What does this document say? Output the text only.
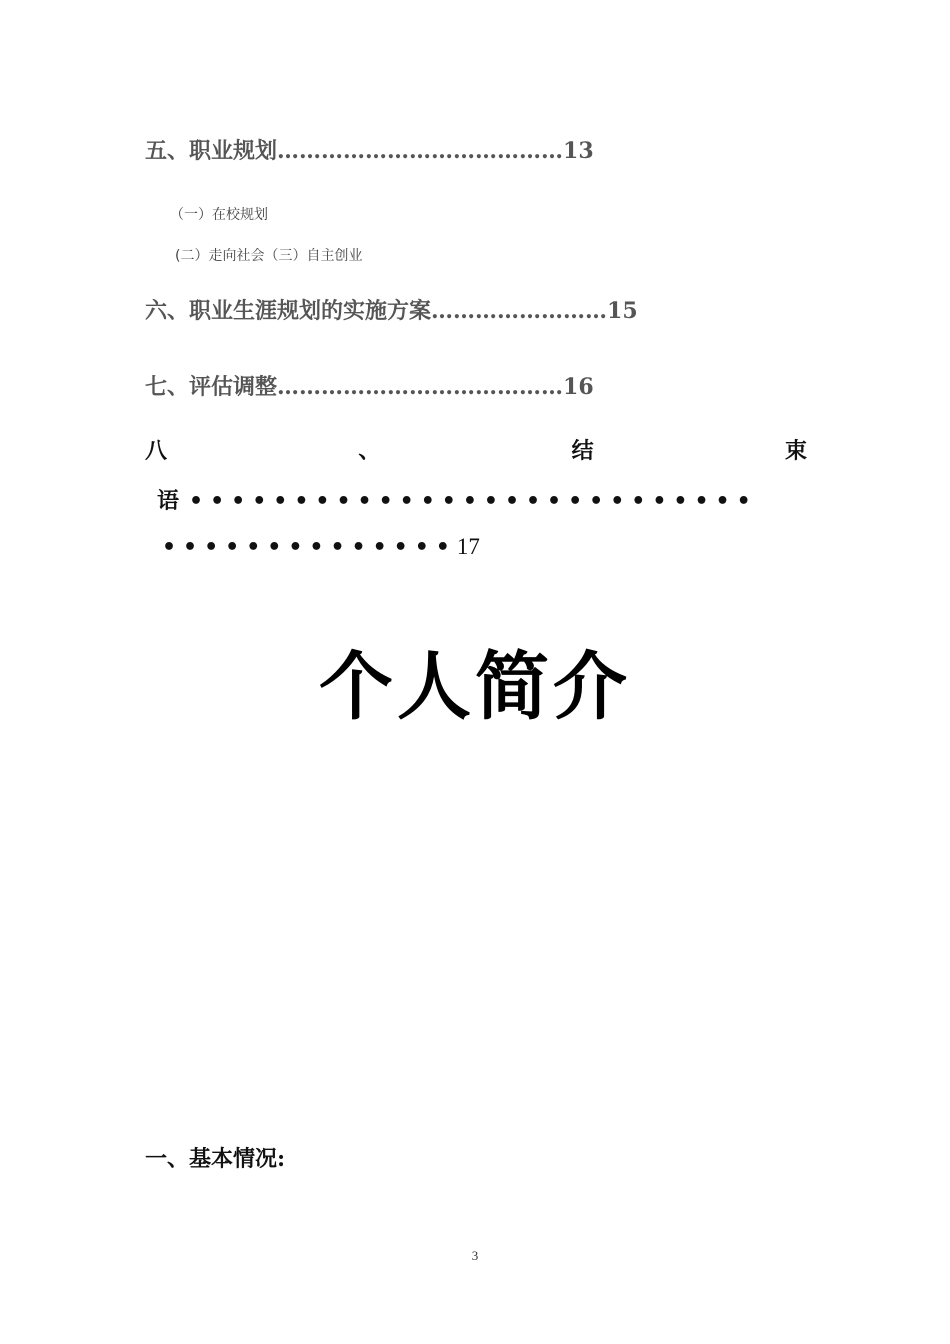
五、职业规划…………………………………13
（一）在校规划
(二）走向社会（三）自主创业
六、职业生涯规划的实施方案……………………15
七、评估调整…………………………………16
八	、	结	束
语 •••••••••••••••••••••••••••
••••••••••••••17
个人简介
一、基本情况:
3
